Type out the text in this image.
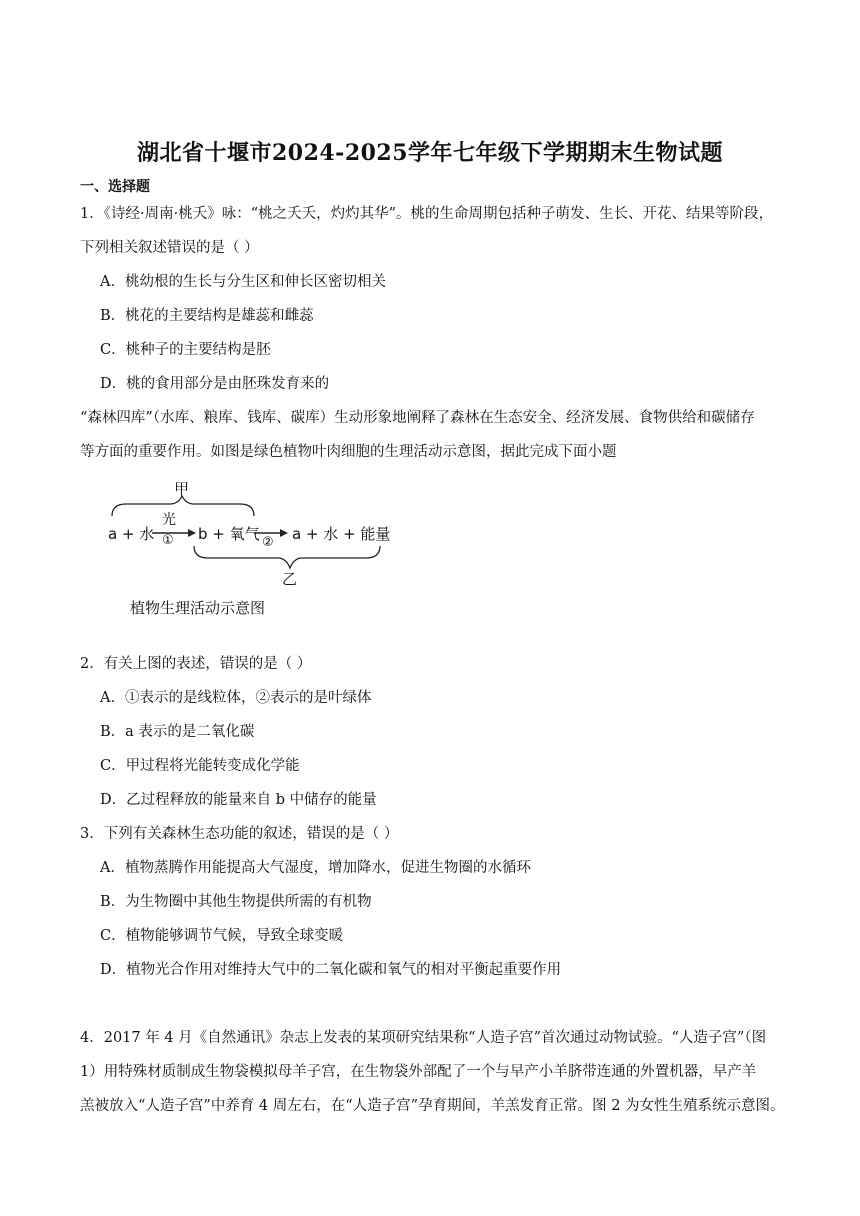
湖北省十堰市2024-2025学年七年级下学期期末生物试题
一、选择题
1．《诗经·周南·桃夭》咏：“桃之夭夭，灼灼其华”。桃的生命周期包括种子萌发、生长、开花、结果等阶段，
下列相关叙述错误的是（ ）
A．桃幼根的生长与分生区和伸长区密切相关
B．桃花的主要结构是雄蕊和雌蕊
C．桃种子的主要结构是胚
D．桃的食用部分是由胚珠发育来的
“森林四库”（水库、粮库、钱库、碳库）生动形象地阐释了森林在生态安全、经济发展、食物供给和碳储存
等方面的重要作用。如图是绿色植物叶肉细胞的生理活动示意图，据此完成下面小题
甲
a + 水
光
① b + 氧气 ② a + 水 + 能量
乙
植物生理活动示意图
2．有关上图的表述，错误的是（ ）
A．①表示的是线粒体，②表示的是叶绿体
B．a 表示的是二氧化碳
C．甲过程将光能转变成化学能
D．乙过程释放的能量来自 b 中储存的能量
3．下列有关森林生态功能的叙述，错误的是（ ）
A．植物蒸腾作用能提高大气湿度，增加降水，促进生物圈的水循环
B．为生物圈中其他生物提供所需的有机物
C．植物能够调节气候，导致全球变暖
D．植物光合作用对维持大气中的二氧化碳和氧气的相对平衡起重要作用
4．2017 年 4 月《自然通讯》杂志上发表的某项研究结果称“人造子宫”首次通过动物试验。“人造子宫”（图
1）用特殊材质制成生物袋模拟母羊子宫，在生物袋外部配了一个与早产小羊脐带连通的外置机器，早产羊
羔被放入“人造子宫”中养育 4 周左右，在“人造子宫”孕育期间，羊羔发育正常。图 2 为女性生殖系统示意图。
